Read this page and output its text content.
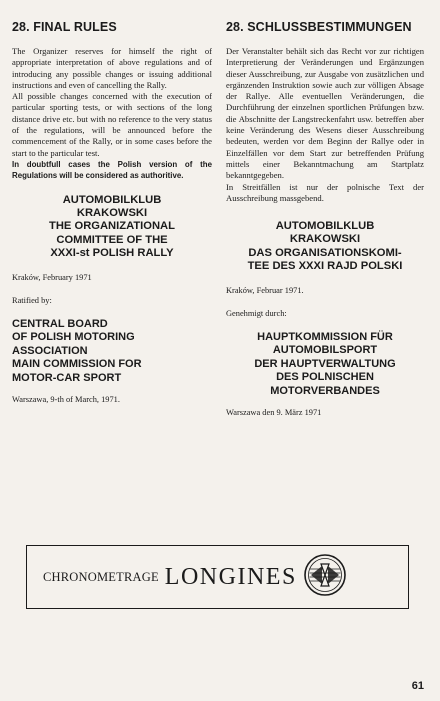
28. FINAL RULES

The Organizer reserves for himself the right of appropriate interpretation of above regulations and of introducing any possible changes or issuing additional instructions and even of cancelling the Rally.

All possible changes concerned with the execution of particular sporting tests, or with sections of the long distance drive etc. but with no reference to the very status of the regulations, will be announced before the commencement of the Rally, or in some cases before the start to the particular test.

In doubtfull cases the Polish version of the Regulations will be considered as authoritive.
AUTOMOBILKLUB
KRAKOWSKI
THE ORGANIZATIONAL
COMMITTEE OF THE
XXXI-st POLISH RALLY
Kraków, February 1971
Ratified by:
CENTRAL BOARD
OF POLISH MOTORING
ASSOCIATION
MAIN COMMISSION FOR
MOTOR-CAR SPORT
Warszawa, 9-th of March, 1971.
28. SCHLUSSBESTIMMUNGEN

Der Veranstalter behält sich das Recht vor zur richtigen Interpretierung der Veränderungen und Ergänzungen dieser Ausschreibung, zur Ausgabe von zusätzlichen und ergänzenden Instruktion sowie auch zur völligen Absage der Rallye. Alle eventuellen Veränderungen, die Durchführung der einzelnen sportlichen Prüfungen bzw. die Abschnitte der Langstreckenfahrt usw. betreffen aber keine Veränderung des Wesens dieser Ausschreibung bedeuten, werden vor dem Beginn der Rallye oder in Einzelfällen vor dem Start zur betreffenden Prüfung mittels einer Bekanntmachung am Startplatz bekanntgegeben.

In Streitfällen ist nur der polnische Text der Ausschreibung massgebend.

AUTOMOBILKLUB
KRAKOWSKI
DAS ORGANISATIONSKOMI-
TEE DES XXXI RAJD POLSKI
Kraków, Februar 1971.
Genehmigt durch:
HAUPTKOMMISSION FÜR
AUTOMOBILSPORT
DER HAUPTVERWALTUNG
DES POLNISCHEN
MOTORVERBANDES
Warszawa den 9. März 1971
CHRONOMETRAGE LONGINES
61
